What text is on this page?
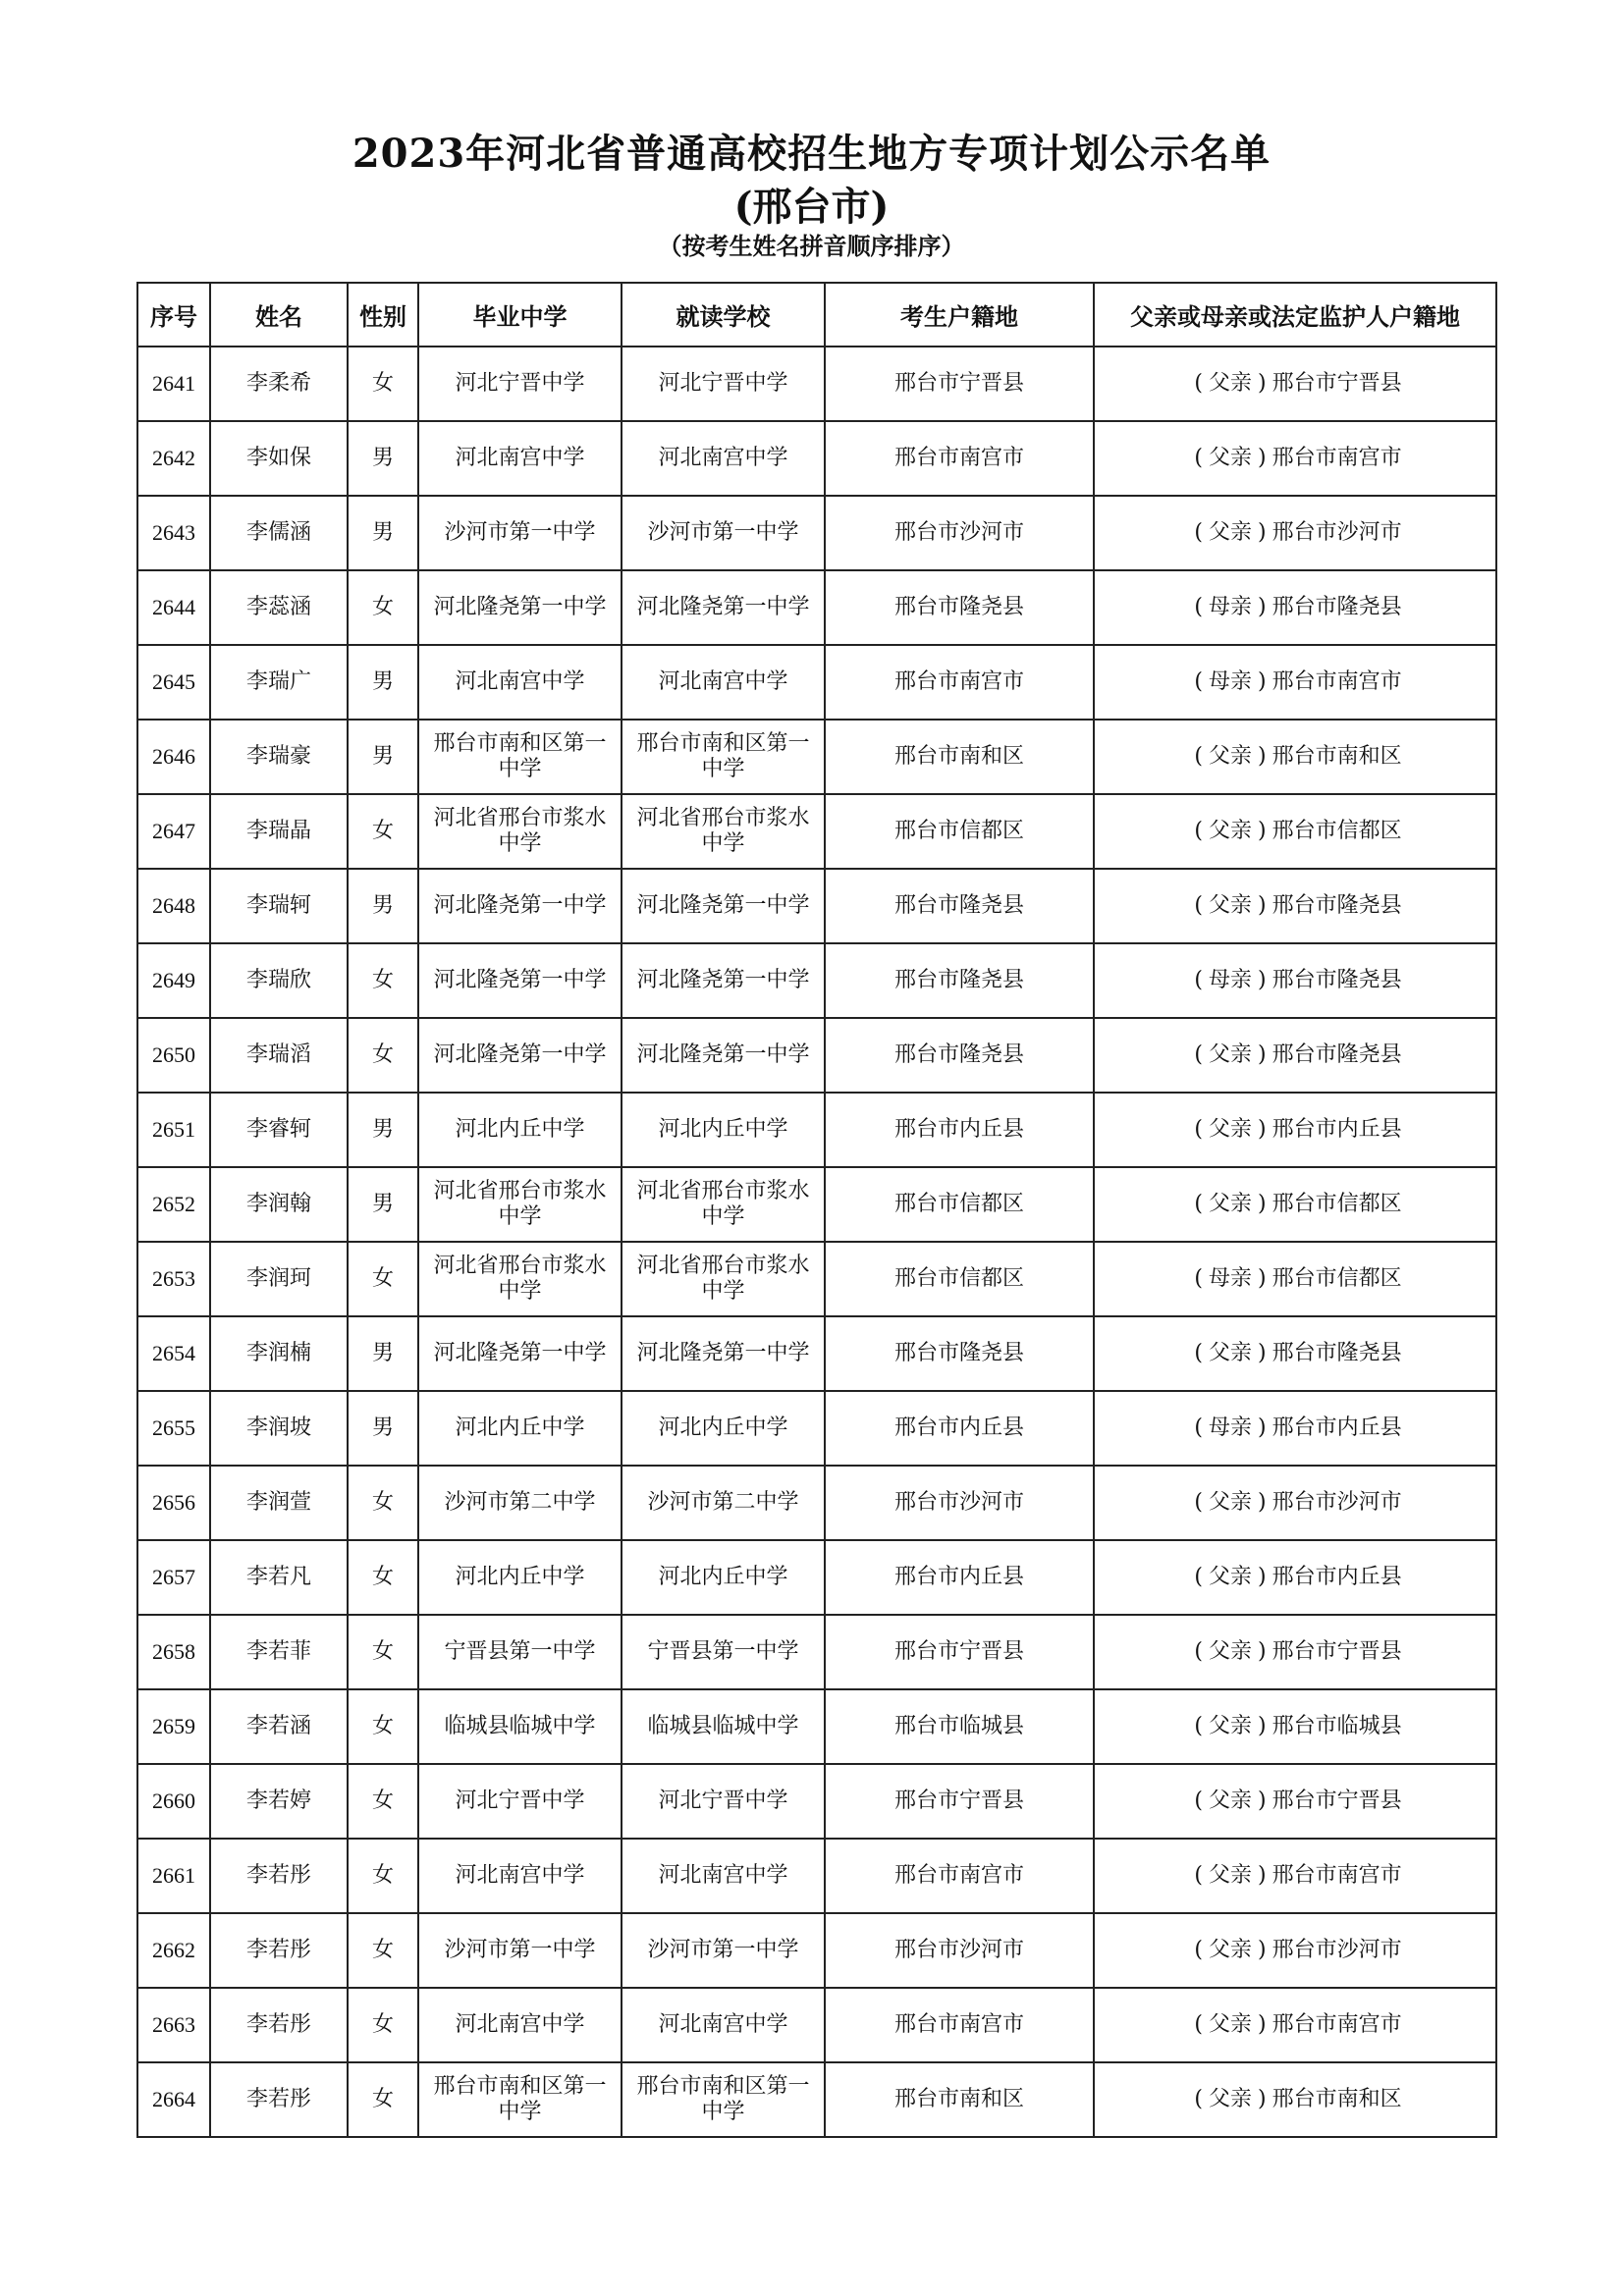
2023年河北省普通高校招生地方专项计划公示名单
(邢台市)
（按考生姓名拼音顺序排序）
序号	姓名	性别	毕业中学	就读学校	考生户籍地	父亲或母亲或法定监护人户籍地
2641	李柔希	女	河北宁晋中学	河北宁晋中学	邢台市宁晋县	( 父亲 ) 邢台市宁晋县
2642	李如保	男	河北南宫中学	河北南宫中学	邢台市南宫市	( 父亲 ) 邢台市南宫市
2643	李儒涵	男	沙河市第一中学	沙河市第一中学	邢台市沙河市	( 父亲 ) 邢台市沙河市
2644	李蕊涵	女	河北隆尧第一中学	河北隆尧第一中学	邢台市隆尧县	( 母亲 ) 邢台市隆尧县
2645	李瑞广	男	河北南宫中学	河北南宫中学	邢台市南宫市	( 母亲 ) 邢台市南宫市
2646	李瑞豪	男	邢台市南和区第一中学	邢台市南和区第一中学	邢台市南和区	( 父亲 ) 邢台市南和区
2647	李瑞晶	女	河北省邢台市浆水中学	河北省邢台市浆水中学	邢台市信都区	( 父亲 ) 邢台市信都区
2648	李瑞轲	男	河北隆尧第一中学	河北隆尧第一中学	邢台市隆尧县	( 父亲 ) 邢台市隆尧县
2649	李瑞欣	女	河北隆尧第一中学	河北隆尧第一中学	邢台市隆尧县	( 母亲 ) 邢台市隆尧县
2650	李瑞滔	女	河北隆尧第一中学	河北隆尧第一中学	邢台市隆尧县	( 父亲 ) 邢台市隆尧县
2651	李睿轲	男	河北内丘中学	河北内丘中学	邢台市内丘县	( 父亲 ) 邢台市内丘县
2652	李润翰	男	河北省邢台市浆水中学	河北省邢台市浆水中学	邢台市信都区	( 父亲 ) 邢台市信都区
2653	李润珂	女	河北省邢台市浆水中学	河北省邢台市浆水中学	邢台市信都区	( 母亲 ) 邢台市信都区
2654	李润楠	男	河北隆尧第一中学	河北隆尧第一中学	邢台市隆尧县	( 父亲 ) 邢台市隆尧县
2655	李润坡	男	河北内丘中学	河北内丘中学	邢台市内丘县	( 母亲 ) 邢台市内丘县
2656	李润萱	女	沙河市第二中学	沙河市第二中学	邢台市沙河市	( 父亲 ) 邢台市沙河市
2657	李若凡	女	河北内丘中学	河北内丘中学	邢台市内丘县	( 父亲 ) 邢台市内丘县
2658	李若菲	女	宁晋县第一中学	宁晋县第一中学	邢台市宁晋县	( 父亲 ) 邢台市宁晋县
2659	李若涵	女	临城县临城中学	临城县临城中学	邢台市临城县	( 父亲 ) 邢台市临城县
2660	李若婷	女	河北宁晋中学	河北宁晋中学	邢台市宁晋县	( 父亲 ) 邢台市宁晋县
2661	李若彤	女	河北南宫中学	河北南宫中学	邢台市南宫市	( 父亲 ) 邢台市南宫市
2662	李若彤	女	沙河市第一中学	沙河市第一中学	邢台市沙河市	( 父亲 ) 邢台市沙河市
2663	李若彤	女	河北南宫中学	河北南宫中学	邢台市南宫市	( 父亲 ) 邢台市南宫市
2664	李若彤	女	邢台市南和区第一中学	邢台市南和区第一中学	邢台市南和区	( 父亲 ) 邢台市南和区
